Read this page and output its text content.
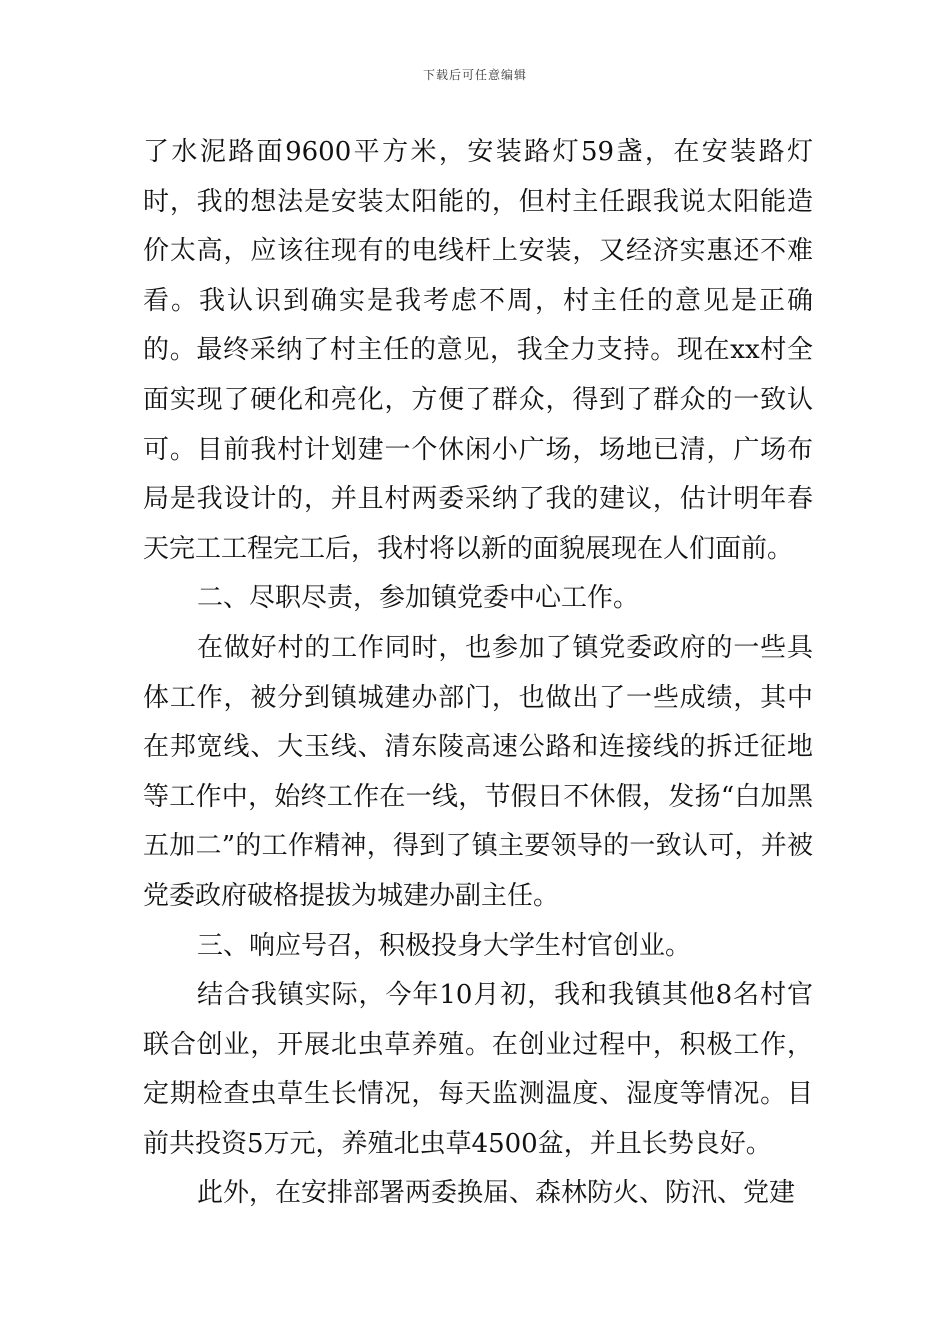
下载后可任意编辑

了水泥路面9600平方米，安装路灯59盏，在安装路灯时，我的想法是安装太阳能的，但村主任跟我说太阳能造价太高，应该往现有的电线杆上安装，又经济实惠还不难看。我认识到确实是我考虑不周，村主任的意见是正确的。最终采纳了村主任的意见，我全力支持。现在xx村全面实现了硬化和亮化，方便了群众，得到了群众的一致认可。目前我村计划建一个休闲小广场，场地已清，广场布局是我设计的，并且村两委采纳了我的建议，估计明年春天完工工程完工后，我村将以新的面貌展现在人们面前。

二、尽职尽责，参加镇党委中心工作。

在做好村的工作同时，也参加了镇党委政府的一些具体工作，被分到镇城建办部门，也做出了一些成绩，其中在邦宽线、大玉线、清东陵高速公路和连接线的拆迁征地等工作中，始终工作在一线，节假日不休假，发扬“白加黑五加二”的工作精神，得到了镇主要领导的一致认可，并被党委政府破格提拔为城建办副主任。

三、响应号召，积极投身大学生村官创业。

结合我镇实际，今年10月初，我和我镇其他8名村官联合创业，开展北虫草养殖。在创业过程中，积极工作，定期检查虫草生长情况，每天监测温度、湿度等情况。目前共投资5万元，养殖北虫草4500盆，并且长势良好。

此外，在安排部署两委换届、森林防火、防汛、党建
